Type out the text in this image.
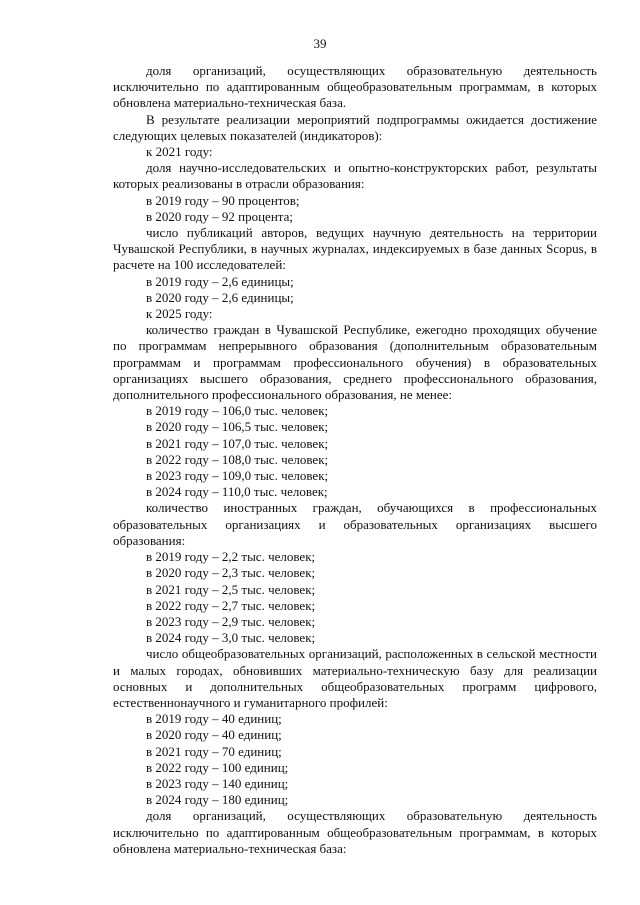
39
доля организаций, осуществляющих образовательную деятельность исключительно по адаптированным общеобразовательным программам, в которых обновлена материально-техническая база.
В результате реализации мероприятий подпрограммы ожидается достижение следующих целевых показателей (индикаторов):
к 2021 году:
доля научно-исследовательских и опытно-конструкторских работ, результаты которых реализованы в отрасли образования:
в 2019 году – 90 процентов;
в 2020 году – 92 процента;
число публикаций авторов, ведущих научную деятельность на территории Чувашской Республики, в научных журналах, индексируемых в базе данных Scopus, в расчете на 100 исследователей:
в 2019 году – 2,6 единицы;
в 2020 году – 2,6 единицы;
к 2025 году:
количество граждан в Чувашской Республике, ежегодно проходящих обучение по программам непрерывного образования (дополнительным образовательным программам и программам профессионального обучения) в образовательных организациях высшего образования, среднего профессионального образования, дополнительного профессионального образования, не менее:
в 2019 году – 106,0 тыс. человек;
в 2020 году – 106,5 тыс. человек;
в 2021 году – 107,0 тыс. человек;
в 2022 году – 108,0 тыс. человек;
в 2023 году – 109,0 тыс. человек;
в 2024 году – 110,0 тыс. человек;
количество иностранных граждан, обучающихся в профессиональных образовательных организациях и образовательных организациях высшего образования:
в 2019 году – 2,2 тыс. человек;
в 2020 году – 2,3 тыс. человек;
в 2021 году – 2,5 тыс. человек;
в 2022 году – 2,7 тыс. человек;
в 2023 году – 2,9 тыс. человек;
в 2024 году – 3,0 тыс. человек;
число общеобразовательных организаций, расположенных в сельской местности и малых городах, обновивших материально-техническую базу для реализации основных и дополнительных общеобразовательных программ цифрового, естественнонаучного и гуманитарного профилей:
в 2019 году – 40 единиц;
в 2020 году – 40 единиц;
в 2021 году – 70 единиц;
в 2022 году – 100 единиц;
в 2023 году – 140 единиц;
в 2024 году – 180 единиц;
доля организаций, осуществляющих образовательную деятельность исключительно по адаптированным общеобразовательным программам, в которых обновлена материально-техническая база:
